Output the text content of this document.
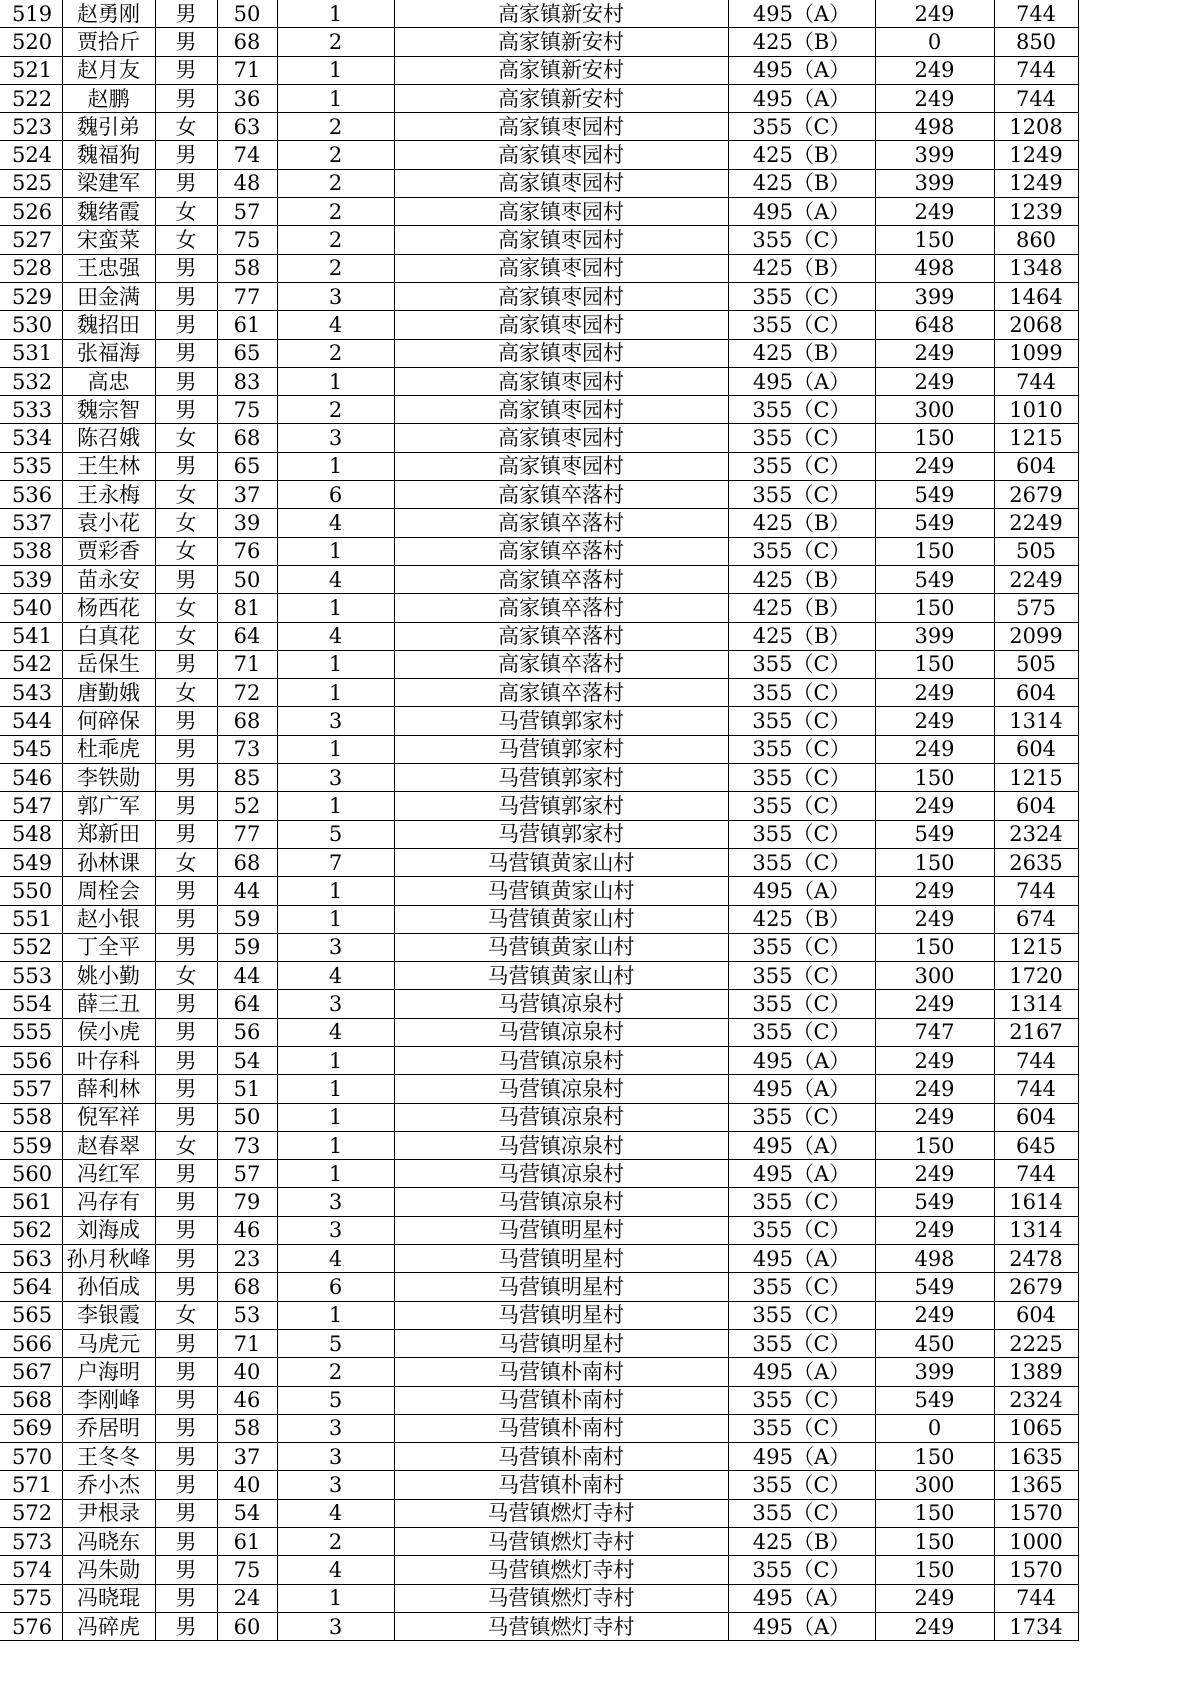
519	赵勇刚	男	50	1	高家镇新安村	495（A）	249	744
520	贾拾斤	男	68	2	高家镇新安村	425（B）	0	850
521	赵月友	男	71	1	高家镇新安村	495（A）	249	744
522	赵鹏	男	36	1	高家镇新安村	495（A）	249	744
523	魏引弟	女	63	2	高家镇枣园村	355（C）	498	1208
524	魏福狗	男	74	2	高家镇枣园村	425（B）	399	1249
525	梁建军	男	48	2	高家镇枣园村	425（B）	399	1249
526	魏绪霞	女	57	2	高家镇枣园村	495（A）	249	1239
527	宋蛮菜	女	75	2	高家镇枣园村	355（C）	150	860
528	王忠强	男	58	2	高家镇枣园村	425（B）	498	1348
529	田金满	男	77	3	高家镇枣园村	355（C）	399	1464
530	魏招田	男	61	4	高家镇枣园村	355（C）	648	2068
531	张福海	男	65	2	高家镇枣园村	425（B）	249	1099
532	高忠	男	83	1	高家镇枣园村	495（A）	249	744
533	魏宗智	男	75	2	高家镇枣园村	355（C）	300	1010
534	陈召娥	女	68	3	高家镇枣园村	355（C）	150	1215
535	王生林	男	65	1	高家镇枣园村	355（C）	249	604
536	王永梅	女	37	6	高家镇卒落村	355（C）	549	2679
537	袁小花	女	39	4	高家镇卒落村	425（B）	549	2249
538	贾彩香	女	76	1	高家镇卒落村	355（C）	150	505
539	苗永安	男	50	4	高家镇卒落村	425（B）	549	2249
540	杨西花	女	81	1	高家镇卒落村	425（B）	150	575
541	白真花	女	64	4	高家镇卒落村	425（B）	399	2099
542	岳保生	男	71	1	高家镇卒落村	355（C）	150	505
543	唐勤娥	女	72	1	高家镇卒落村	355（C）	249	604
544	何碎保	男	68	3	马营镇郭家村	355（C）	249	1314
545	杜乖虎	男	73	1	马营镇郭家村	355（C）	249	604
546	李铁勋	男	85	3	马营镇郭家村	355（C）	150	1215
547	郭广军	男	52	1	马营镇郭家村	355（C）	249	604
548	郑新田	男	77	5	马营镇郭家村	355（C）	549	2324
549	孙林课	女	68	7	马营镇黄家山村	355（C）	150	2635
550	周栓会	男	44	1	马营镇黄家山村	495（A）	249	744
551	赵小银	男	59	1	马营镇黄家山村	425（B）	249	674
552	丁全平	男	59	3	马营镇黄家山村	355（C）	150	1215
553	姚小勤	女	44	4	马营镇黄家山村	355（C）	300	1720
554	薛三丑	男	64	3	马营镇凉泉村	355（C）	249	1314
555	侯小虎	男	56	4	马营镇凉泉村	355（C）	747	2167
556	叶存科	男	54	1	马营镇凉泉村	495（A）	249	744
557	薛利林	男	51	1	马营镇凉泉村	495（A）	249	744
558	倪军祥	男	50	1	马营镇凉泉村	355（C）	249	604
559	赵春翠	女	73	1	马营镇凉泉村	495（A）	150	645
560	冯红军	男	57	1	马营镇凉泉村	495（A）	249	744
561	冯存有	男	79	3	马营镇凉泉村	355（C）	549	1614
562	刘海成	男	46	3	马营镇明星村	355（C）	249	1314
563	孙月秋峰	男	23	4	马营镇明星村	495（A）	498	2478
564	孙佰成	男	68	6	马营镇明星村	355（C）	549	2679
565	李银霞	女	53	1	马营镇明星村	355（C）	249	604
566	马虎元	男	71	5	马营镇明星村	355（C）	450	2225
567	户海明	男	40	2	马营镇朴南村	495（A）	399	1389
568	李刚峰	男	46	5	马营镇朴南村	355（C）	549	2324
569	乔居明	男	58	3	马营镇朴南村	355（C）	0	1065
570	王冬冬	男	37	3	马营镇朴南村	495（A）	150	1635
571	乔小杰	男	40	3	马营镇朴南村	355（C）	300	1365
572	尹根录	男	54	4	马营镇燃灯寺村	355（C）	150	1570
573	冯晓东	男	61	2	马营镇燃灯寺村	425（B）	150	1000
574	冯朱勋	男	75	4	马营镇燃灯寺村	355（C）	150	1570
575	冯晓琨	男	24	1	马营镇燃灯寺村	495（A）	249	744
576	冯碎虎	男	60	3	马营镇燃灯寺村	495（A）	249	1734
